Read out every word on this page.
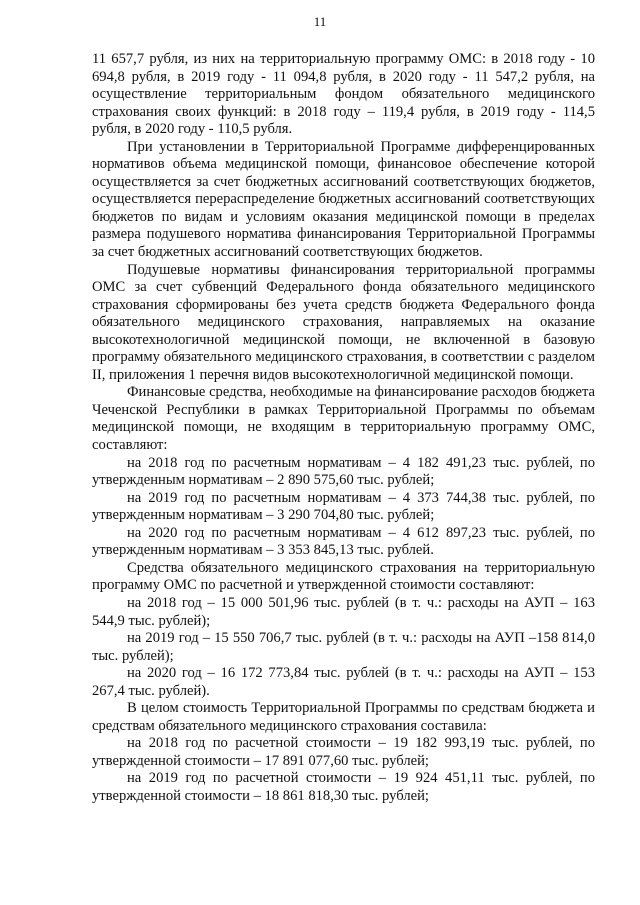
11

11 657,7 рубля, из них на территориальную программу ОМС: в 2018 году - 10 694,8 рубля, в 2019 году - 11 094,8 рубля, в 2020 году - 11 547,2 рубля, на осуществление территориальным фондом обязательного медицинского страхования своих функций: в 2018 году – 119,4 рубля, в 2019 году - 114,5 рубля, в 2020 году - 110,5 рубля.

При установлении в Территориальной Программе дифференцированных нормативов объема медицинской помощи, финансовое обеспечение которой осуществляется за счет бюджетных ассигнований соответствующих бюджетов, осуществляется перераспределение бюджетных ассигнований соответствующих бюджетов по видам и условиям оказания медицинской помощи в пределах размера подушевого норматива финансирования Территориальной Программы за счет бюджетных ассигнований соответствующих бюджетов.

Подушевые нормативы финансирования территориальной программы ОМС за счет субвенций Федерального фонда обязательного медицинского страхования сформированы без учета средств бюджета Федерального фонда обязательного медицинского страхования, направляемых на оказание высокотехнологичной медицинской помощи, не включенной в базовую программу обязательного медицинского страхования, в соответствии с разделом II, приложения 1 перечня видов высокотехнологичной медицинской помощи.

Финансовые средства, необходимые на финансирование расходов бюджета Чеченской Республики в рамках Территориальной Программы по объемам медицинской помощи, не входящим в территориальную программу ОМС, составляют:

на 2018 год по расчетным нормативам – 4 182 491,23 тыс. рублей, по утвержденным нормативам – 2 890 575,60 тыс. рублей;

на 2019 год по расчетным нормативам – 4 373 744,38 тыс. рублей, по утвержденным нормативам – 3 290 704,80 тыс. рублей;

на 2020 год по расчетным нормативам – 4 612 897,23 тыс. рублей, по утвержденным нормативам – 3 353 845,13 тыс. рублей.

Средства обязательного медицинского страхования на территориальную программу ОМС по расчетной и утвержденной стоимости составляют:

на 2018 год – 15 000 501,96 тыс. рублей (в т. ч.: расходы на АУП – 163 544,9 тыс. рублей);

на 2019 год – 15 550 706,7 тыс. рублей (в т. ч.: расходы на АУП –158 814,0 тыс. рублей);

на 2020 год – 16 172 773,84 тыс. рублей (в т. ч.: расходы на АУП – 153 267,4 тыс. рублей).

В целом стоимость Территориальной Программы по средствам бюджета и средствам обязательного медицинского страхования составила:

на 2018 год по расчетной стоимости – 19 182 993,19 тыс. рублей, по утвержденной стоимости – 17 891 077,60 тыс. рублей;

на 2019 год по расчетной стоимости – 19 924 451,11 тыс. рублей, по утвержденной стоимости – 18 861 818,30 тыс. рублей;
